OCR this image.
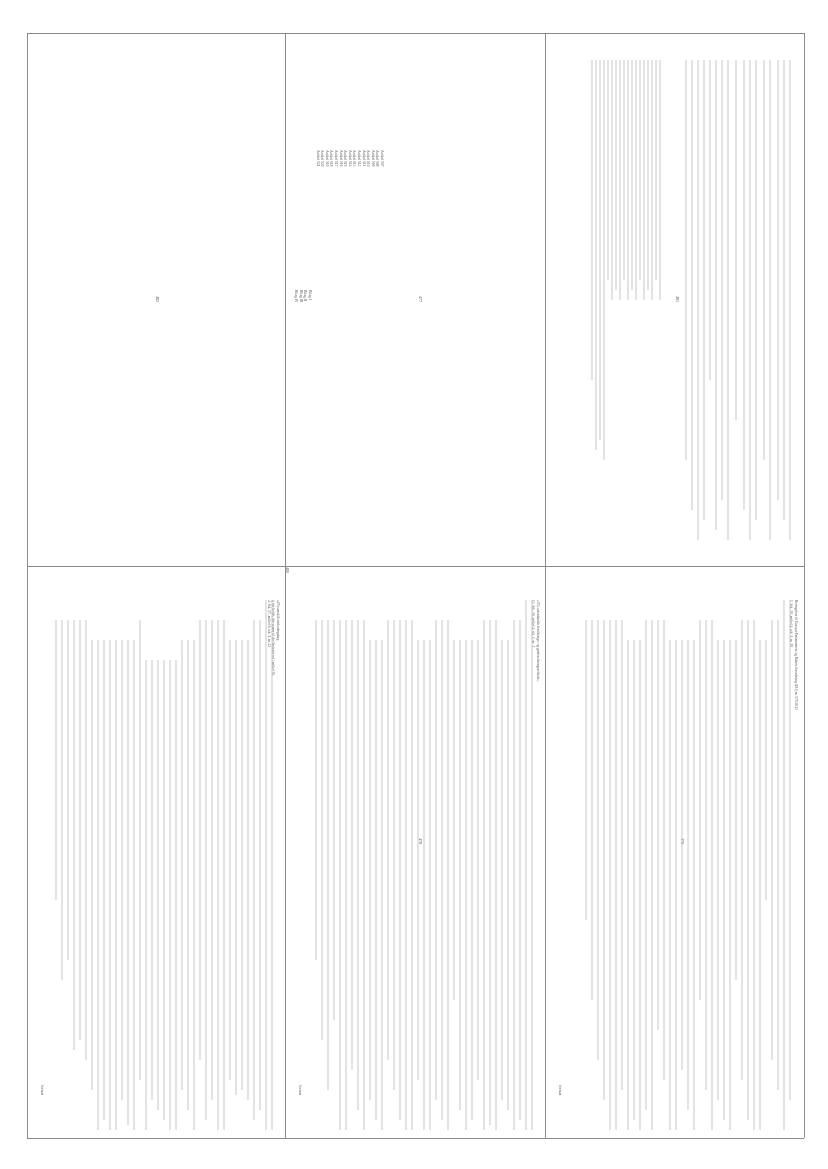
477
478	479
480
481
482
Artikel 507
Artikel 508
Artikel 509
Artikel 510
Artikel 511
Artikel 512
Artikel 513
Artikel 514
Artikel 515
Artikel 516
Artikel 517
Artikel 518
Artikel 519
Artikel 520
Artikel 521
Bilag I
Bilag II
Bilag III
Bilag IV
»25) særskilt risikodægning,
i) det beløb, der svarer til det fastsatte tal i artikel 26,
4. Stk. 27, artikel 6, stk. 1, nr. 42
fortsat
»35) ›udenlandsk forsikrings- og genforsikringsselskab‹,
13. Stk. 20, artikel 4, stk. 1, nr. 1
fortsat
Betingelser til Europa-Parlamentets og Rådets forordning (EU) nr. 575/2013
1. Stk. 29, artikel 4, stk. 1, nr. 19
fortsat
